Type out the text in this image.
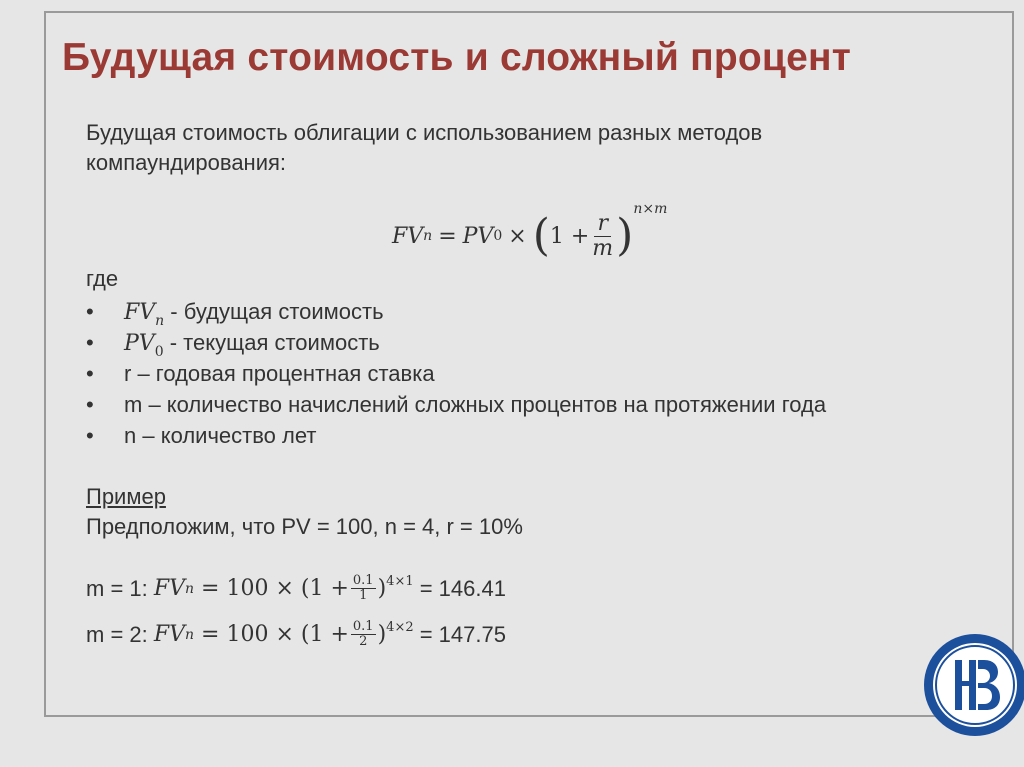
Будущая стоимость и сложный процент
Будущая стоимость облигации с использованием разных методов компаундирования:
FV n = PV 0 × ( $1 + \frac{r}{m}$ )
n×m
где
• $FV_n$ - будущая стоимость
• $PV_0$ - текущая стоимость
• r – годовая процентная ставка
• m – количество начислений сложных процентов на протяжении года
• n – количество лет
Пример
Предположим, что PV = 100, n = 4, r = 10%
m = 1: FV $n = 100 \times (1 + \frac{0.1}{1}$ ) 4×1 = 146.41
m = 2: FV $n = 100 \times (1 + \frac{0.1}{2}$ ) 4×2 = 147.75
